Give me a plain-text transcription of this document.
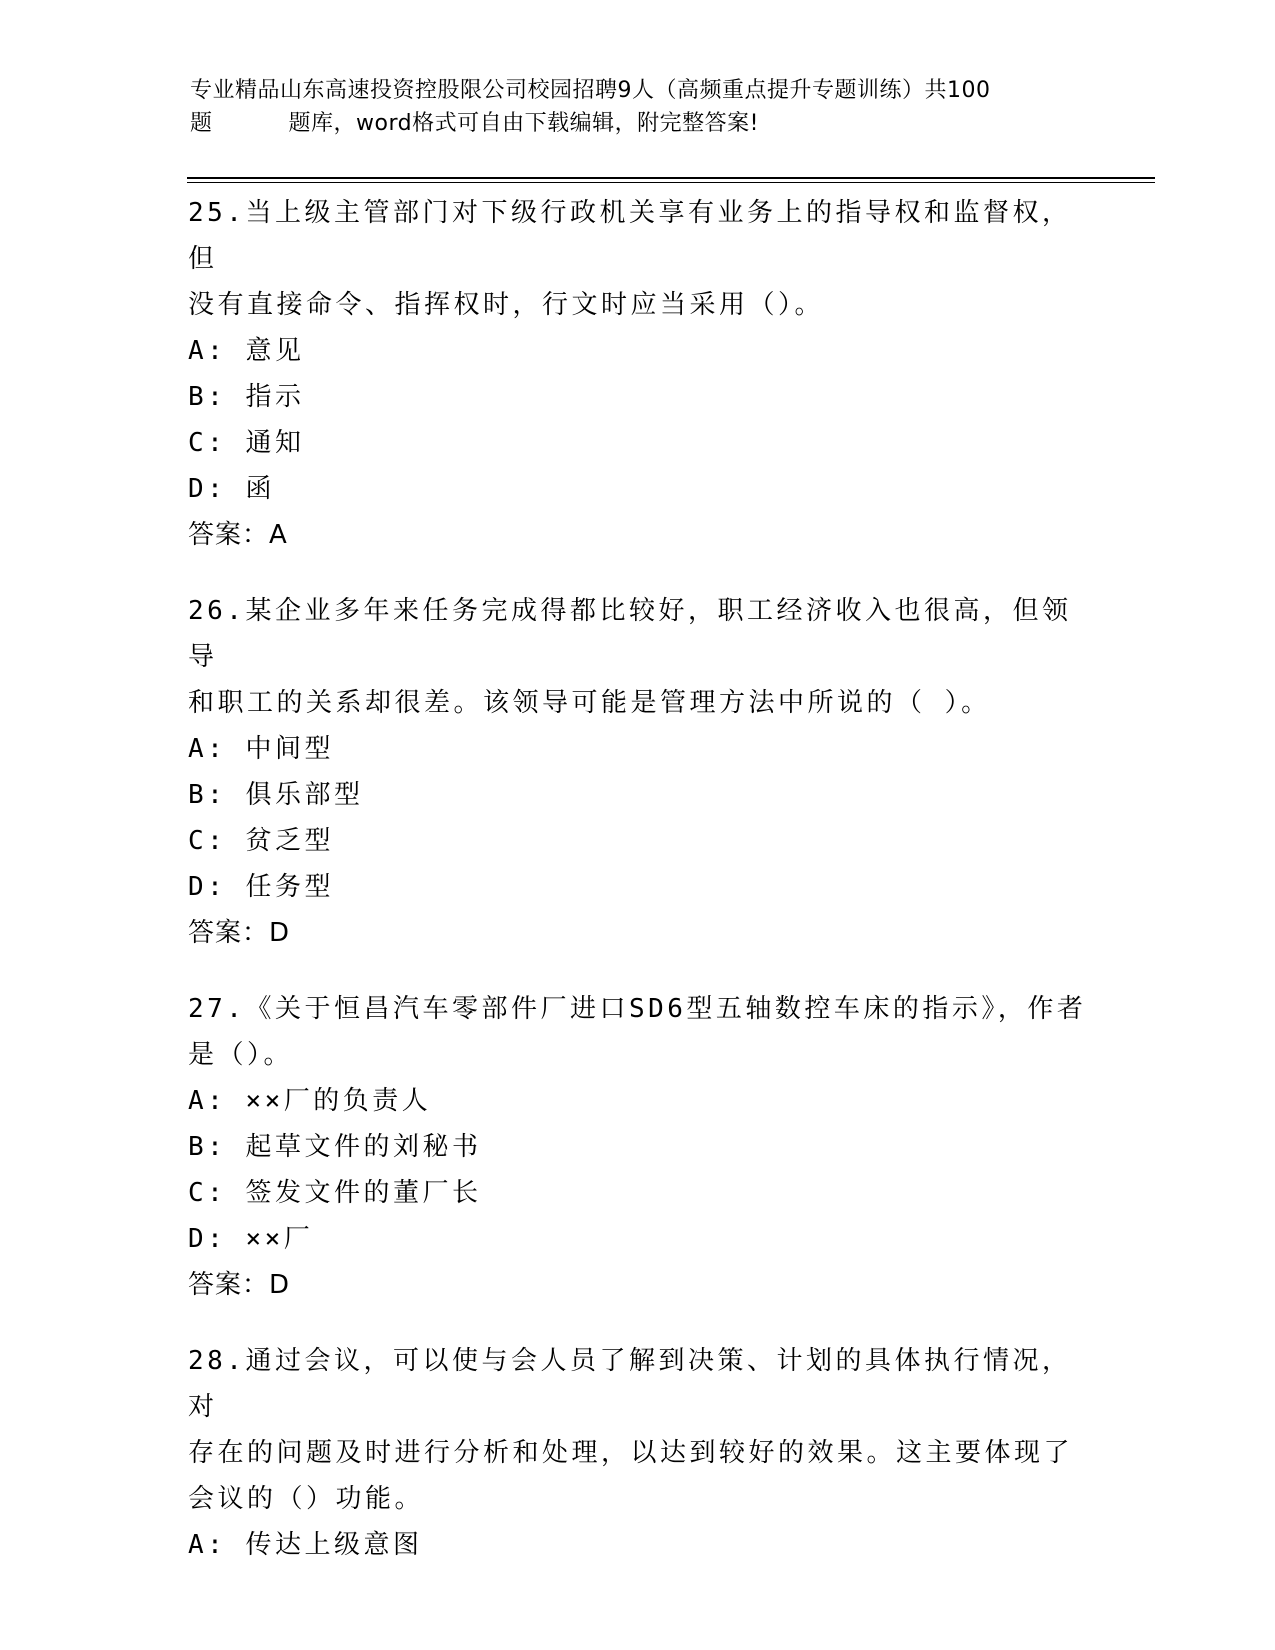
专业精品山东高速投资控股限公司校园招聘9人（高频重点提升专题训练）共100
题	题库，word格式可自由下载编辑，附完整答案!

25.当上级主管部门对下级行政机关享有业务上的指导权和监督权，但

没有直接命令、指挥权时，行文时应当采用（）。

A: 意见

B: 指示

C: 通知

D: 函

答案：A

26.某企业多年来任务完成得都比较好，职工经济收入也很高，但领导

和职工的关系却很差。该领导可能是管理方法中所说的（ ）。

A: 中间型

B: 俱乐部型

C: 贫乏型

D: 任务型

答案：D

27.《关于恒昌汽车零部件厂进口SD6型五轴数控车床的指示》，作者

是（）。

A: ××厂的负责人

B: 起草文件的刘秘书

C: 签发文件的董厂长

D: ××厂

答案：D

28.通过会议，可以使与会人员了解到决策、计划的具体执行情况，对

存在的问题及时进行分析和处理，以达到较好的效果。这主要体现了

会议的（）功能。

A: 传达上级意图
